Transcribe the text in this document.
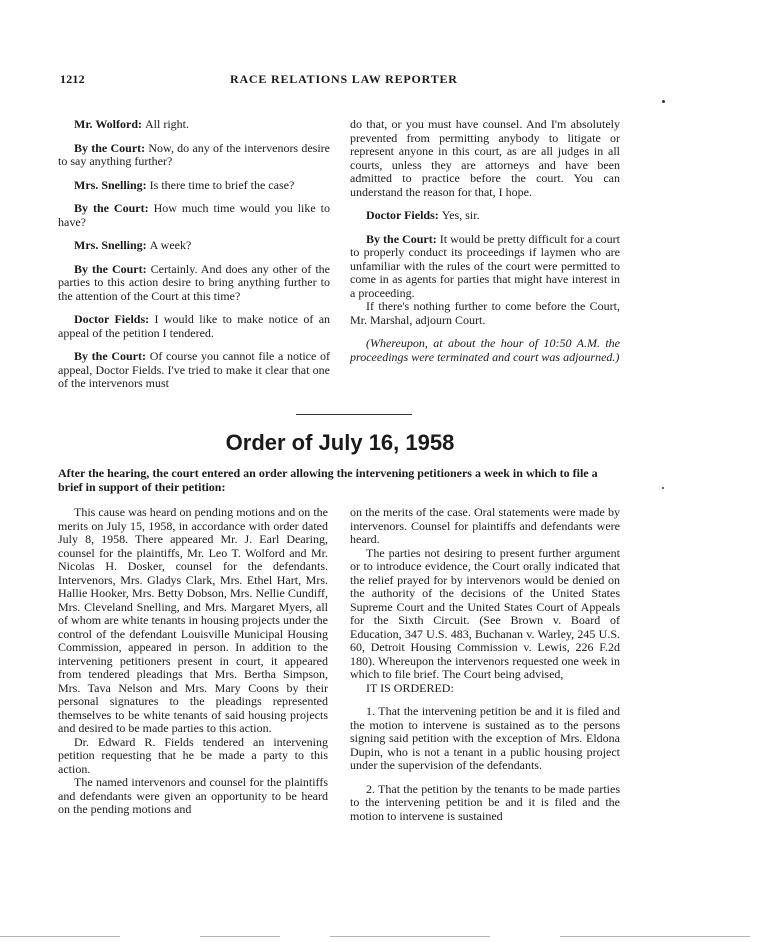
1212	RACE RELATIONS LAW REPORTER

Mr. Wolford: All right.

By the Court: Now, do any of the intervenors desire to say anything further?

Mrs. Snelling: Is there time to brief the case?

By the Court: How much time would you like to have?

Mrs. Snelling: A week?

By the Court: Certainly. And does any other of the parties to this action desire to bring anything further to the attention of the Court at this time?

Doctor Fields: I would like to make notice of an appeal of the petition I tendered.

By the Court: Of course you cannot file a notice of appeal, Doctor Fields. I've tried to make it clear that one of the intervenors must

do that, or you must have counsel. And I'm absolutely prevented from permitting anybody to litigate or represent anyone in this court, as are all judges in all courts, unless they are attorneys and have been admitted to practice before the court. You can understand the reason for that, I hope.

Doctor Fields: Yes, sir.

By the Court: It would be pretty difficult for a court to properly conduct its proceedings if laymen who are unfamiliar with the rules of the court were permitted to come in as agents for parties that might have interest in a proceeding.

If there's nothing further to come before the Court, Mr. Marshal, adjourn Court.

(Whereupon, at about the hour of 10:50 A.M. the proceedings were terminated and court was adjourned.)

Order of July 16, 1958
After the hearing, the court entered an order allowing the intervening petitioners a week in which to file a brief in support of their petition:

This cause was heard on pending motions and on the merits on July 15, 1958, in accordance with order dated July 8, 1958. There appeared Mr. J. Earl Dearing, counsel for the plaintiffs, Mr. Leo T. Wolford and Mr. Nicolas H. Dosker, counsel for the defendants. Intervenors, Mrs. Gladys Clark, Mrs. Ethel Hart, Mrs. Hallie Hooker, Mrs. Betty Dobson, Mrs. Nellie Cundiff, Mrs. Cleveland Snelling, and Mrs. Margaret Myers, all of whom are white tenants in housing projects under the control of the defendant Louisville Municipal Housing Commission, appeared in person. In addition to the intervening petitioners present in court, it appeared from tendered pleadings that Mrs. Bertha Simpson, Mrs. Tava Nelson and Mrs. Mary Coons by their personal signatures to the pleadings represented themselves to be white tenants of said housing projects and desired to be made parties to this action.

Dr. Edward R. Fields tendered an intervening petition requesting that he be made a party to this action.

The named intervenors and counsel for the plaintiffs and defendants were given an opportunity to be heard on the pending motions and

on the merits of the case. Oral statements were made by intervenors. Counsel for plaintiffs and defendants were heard.

The parties not desiring to present further argument or to introduce evidence, the Court orally indicated that the relief prayed for by intervenors would be denied on the authority of the decisions of the United States Supreme Court and the United States Court of Appeals for the Sixth Circuit. (See Brown v. Board of Education, 347 U.S. 483, Buchanan v. Warley, 245 U.S. 60, Detroit Housing Commission v. Lewis, 226 F.2d 180). Whereupon the intervenors requested one week in which to file brief. The Court being advised,

IT IS ORDERED:

1. That the intervening petition be and it is filed and the motion to intervene is sustained as to the persons signing said petition with the exception of Mrs. Eldona Dupin, who is not a tenant in a public housing project under the supervision of the defendants.

2. That the petition by the tenants to be made parties to the intervening petition be and it is filed and the motion to intervene is sustained
